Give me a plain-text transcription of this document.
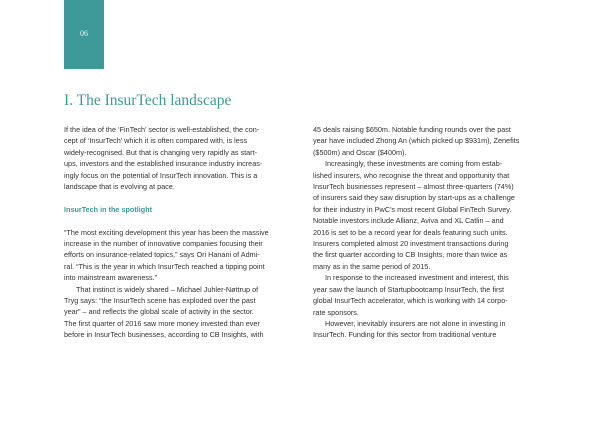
06
I. The InsurTech landscape

If the idea of the ‘FinTech’ sector is well-established, the con-

cept of ‘InsurTech’ which it is often compared with, is less

widely-recognised. But that is changing very rapidly as start-

ups, investors and the established insurance industry increas-

ingly focus on the potential of InsurTech innovation. This is a

landscape that is evolving at pace.

InsurTech in the spotlight

“The most exciting development this year has been the massive

increase in the number of innovative companies focusing their

efforts on insurance-related topics,” says Ori Hanani of Admi-

ral. “This is the year in which InsurTech reached a tipping point

into mainstream awareness.”

That instinct is widely shared – Michael Juhler-Nøttrup of

Tryg says: “the InsurTech scene has exploded over the past

year” – and reflects the global scale of activity in the sector.

The first quarter of 2016 saw more money invested than ever

before in InsurTech businesses, according to CB Insights, with

45 deals raising $650m. Notable funding rounds over the past

year have included Zhong An (which picked up $931m), Zenefits

($500m) and Oscar ($400m).

Increasingly, these investments are coming from estab-

lished insurers, who recognise the threat and opportunity that

InsurTech businesses represent – almost three-quarters (74%)

of insurers said they saw disruption by start-ups as a challenge

for their industry in PwC’s most recent Global FinTech Survey.

Notable investors include Allianz, Aviva and XL Catlin – and

2016 is set to be a record year for deals featuring such units.

Insurers completed almost 20 investment transactions during

the first quarter according to CB Insights, more than twice as

many as in the same period of 2015.

In response to the increased investment and interest, this

year saw the launch of Startupbootcamp InsurTech, the first

global InsurTech accelerator, which is working with 14 corpo-

rate sponsors.

However, inevitably insurers are not alone in investing in

InsurTech. Funding for this sector from traditional venture
